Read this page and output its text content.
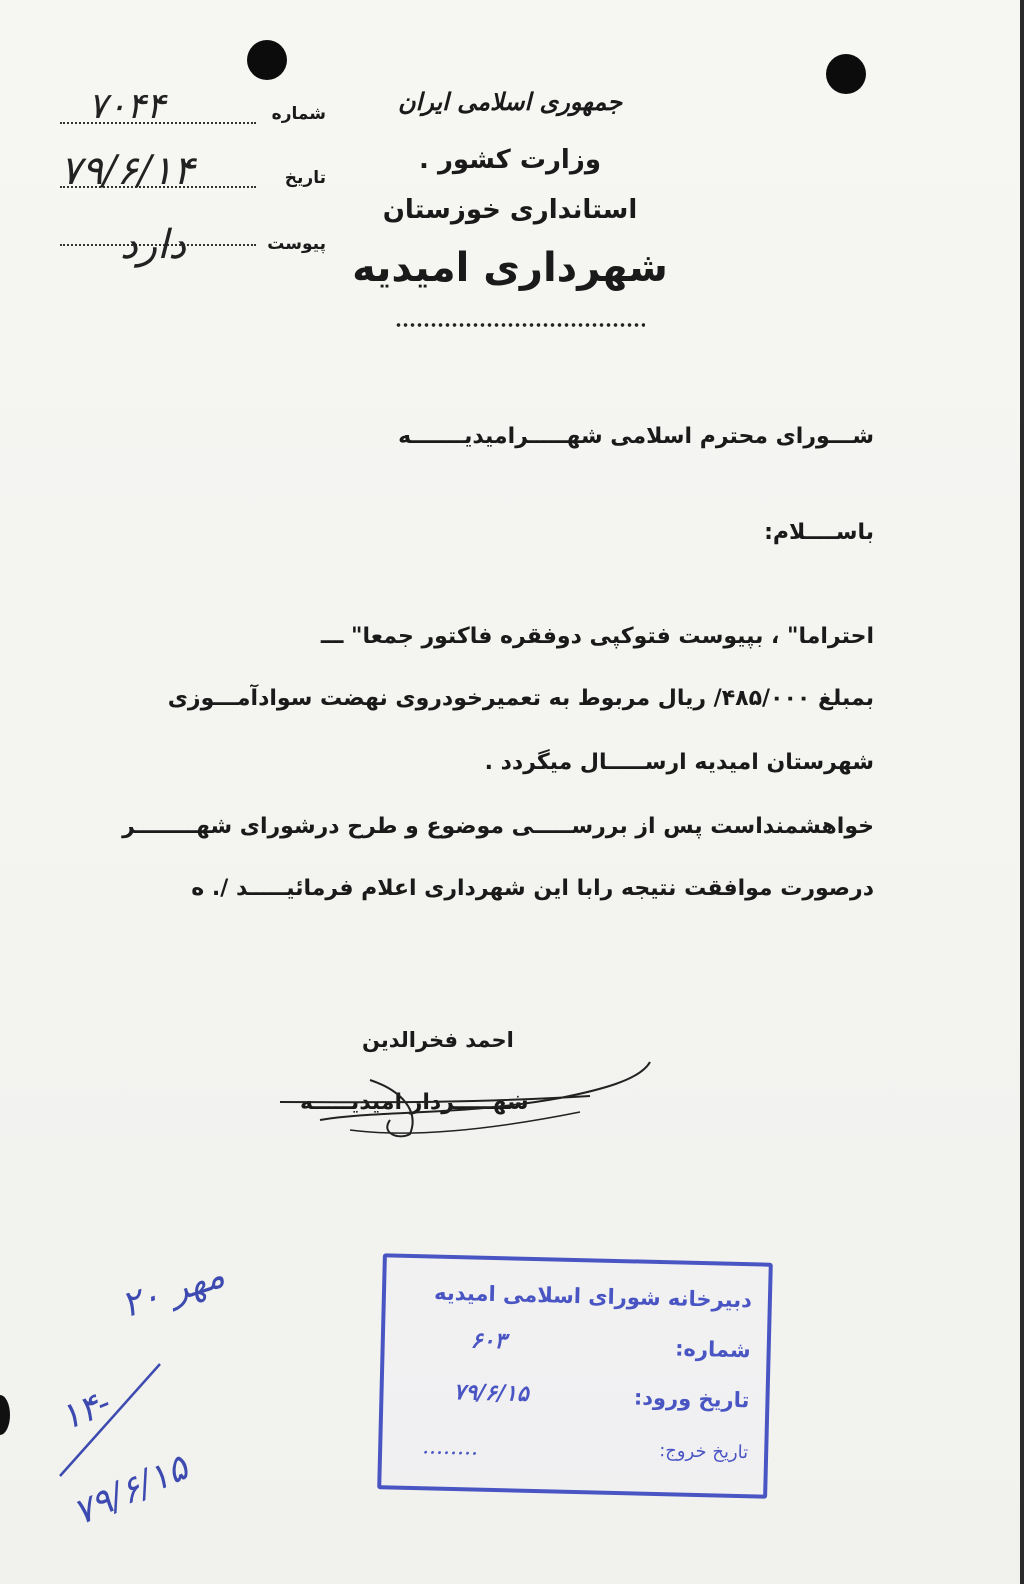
جمهوری اسلامی ایران
وزارت کشور .
استانداری خوزستان
شهرداری امیدیه
شماره
۷۰۴۴
تاریخ
۷۹/۶/۱۴
پیوست
دارد
شـــورای محترم اسلامی شهـــــرامیدیـــــــه
باســــلام:
احتراما" ، بپیوست فتوکپی دوفقره فاکتور جمعا" ـــ
بمبلغ ۴۸۵/۰۰۰/ ریال مربوط به تعمیرخودروی نهضت سوادآمـــوزی
شهرستان امیدیه ارســـــال میگردد .
خواهشمنداست پس از بررســـــی موضوع و طرح درشورای شهــــــــر
درصورت موافقت نتیجه رابا این شهرداری اعلام فرمائیـــــد /. ه
احمد فخرالدین
شهـــــردار امیدیـــــه
دبیرخانه شورای اسلامی امیدیه
شماره:
۶۰۳
تاریخ ورود:
۷۹/۶/۱۵
تاریخ خروج:
........
۲۰ مهر
۱۴-
۷۹/۶/۱۵
